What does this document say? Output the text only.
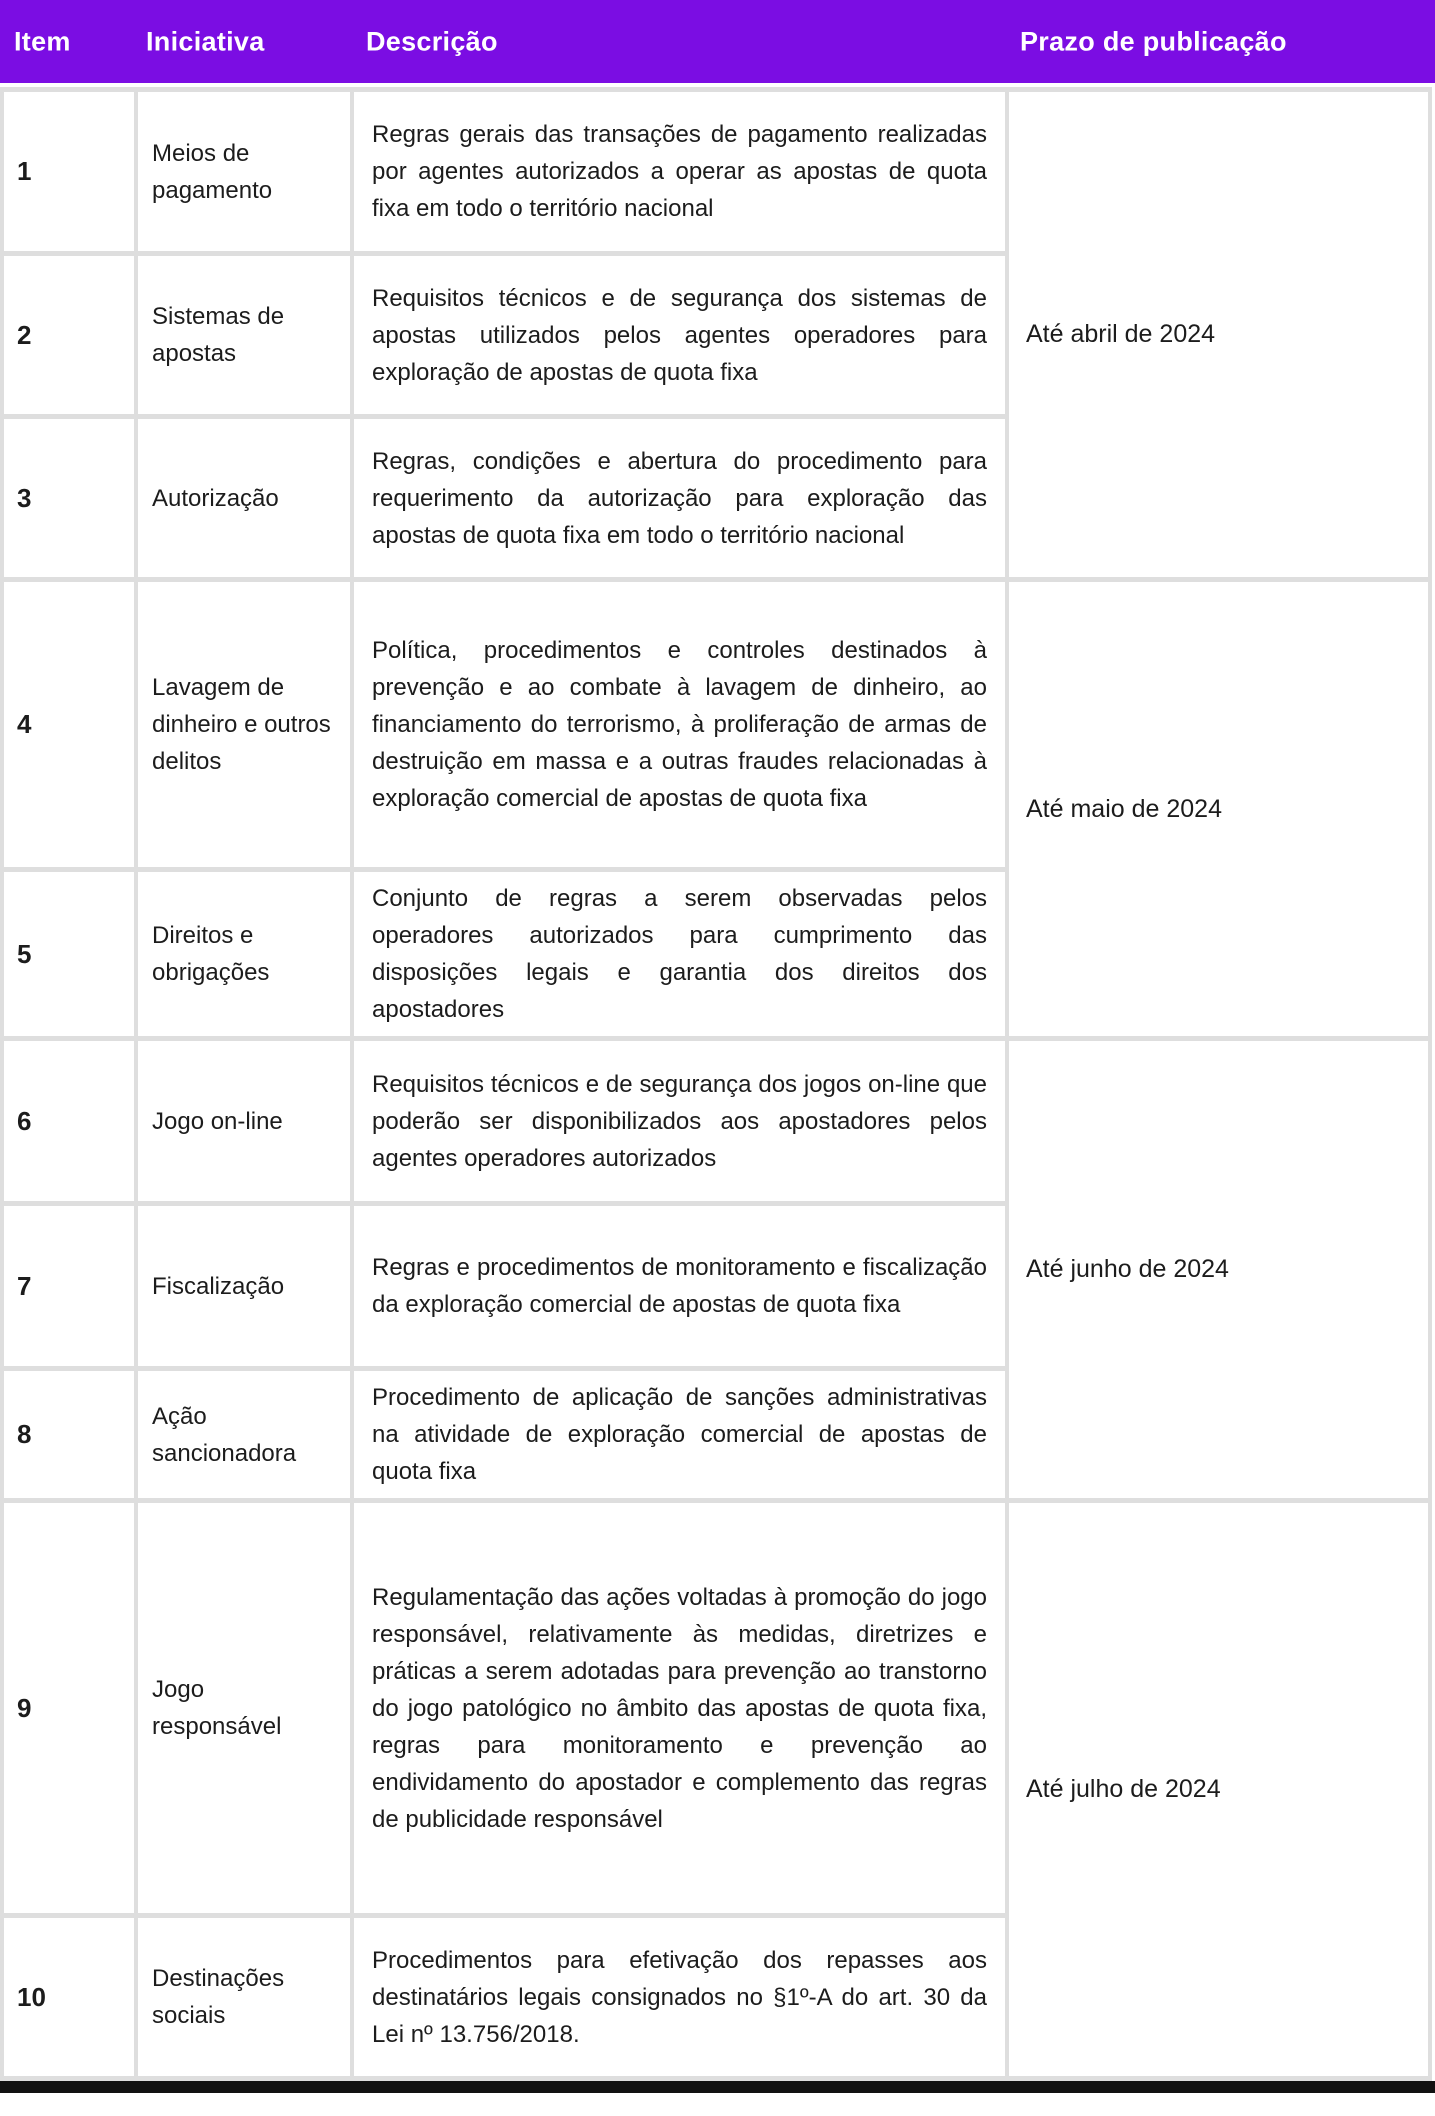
Item	Iniciativa	Descrição	Prazo de publicação
1	Meios de pagamento	Regras gerais das transações de pagamento realizadas por agentes autorizados a operar as apostas de quota fixa em todo o território nacional	Até abril de 2024
2	Sistemas de apostas	Requisitos técnicos e de segurança dos sistemas de apostas utilizados pelos agentes operadores para exploração de apostas de quota fixa	
3	Autorização	Regras, condições e abertura do procedimento para requerimento da autorização para exploração das apostas de quota fixa em todo o território nacional	
4	Lavagem de dinheiro e outros delitos	Política, procedimentos e controles destinados à prevenção e ao combate à lavagem de dinheiro, ao financiamento do terrorismo, à proliferação de armas de destruição em massa e a outras fraudes relacionadas à exploração comercial de apostas de quota fixa	Até maio de 2024
5	Direitos e obrigações	Conjunto de regras a serem observadas pelos operadores autorizados para cumprimento das disposições legais e garantia dos direitos dos apostadores	
6	Jogo on-line	Requisitos técnicos e de segurança dos jogos on-line que poderão ser disponibilizados aos apostadores pelos agentes operadores autorizados	Até junho de 2024
7	Fiscalização	Regras e procedimentos de monitoramento e fiscalização da exploração comercial de apostas de quota fixa	
8	Ação sancionadora	Procedimento de aplicação de sanções administrativas na atividade de exploração comercial de apostas de quota fixa	
9	Jogo responsável	Regulamentação das ações voltadas à promoção do jogo responsável, relativamente às medidas, diretrizes e práticas a serem adotadas para prevenção ao transtorno do jogo patológico no âmbito das apostas de quota fixa, regras para monitoramento e prevenção ao endividamento do apostador e complemento das regras de publicidade responsável	Até julho de 2024
10	Destinações sociais	Procedimentos para efetivação dos repasses aos destinatários legais consignados no §1º-A do art. 30 da Lei nº 13.756/2018.	
